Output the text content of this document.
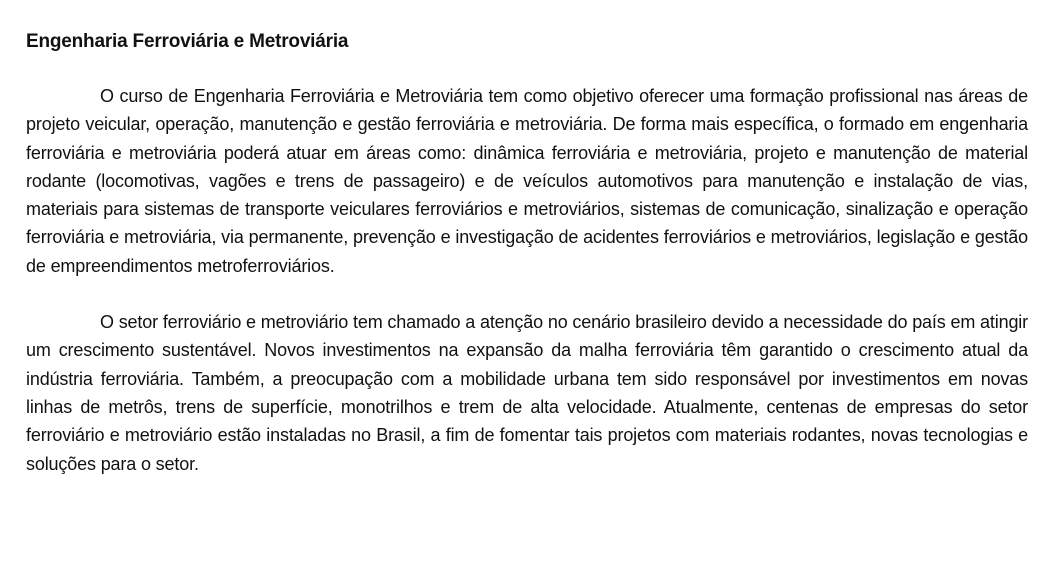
Engenharia Ferroviária e Metroviária

O curso de Engenharia Ferroviária e Metroviária tem como objetivo oferecer uma formação profissional nas áreas de projeto veicular, operação, manutenção e gestão ferroviária e metroviária. De forma mais específica, o formado em engenharia ferroviária e metroviária poderá atuar em áreas como: dinâmica ferroviária e metroviária, projeto e manutenção de material rodante (locomotivas, vagões e trens de passageiro) e de veículos automotivos para manutenção e instalação de vias, materiais para sistemas de transporte veiculares ferroviários e metroviários, sistemas de comunicação, sinalização e operação ferroviária e metroviária, via permanente, prevenção e investigação de acidentes ferroviários e metroviários, legislação e gestão de empreendimentos metroferroviários.

O setor ferroviário e metroviário tem chamado a atenção no cenário brasileiro devido a necessidade do país em atingir um crescimento sustentável. Novos investimentos na expansão da malha ferroviária têm garantido o crescimento atual da indústria ferroviária. Também, a preocupação com a mobilidade urbana tem sido responsável por investimentos em novas linhas de metrôs, trens de superfície, monotrilhos e trem de alta velocidade. Atualmente, centenas de empresas do setor ferroviário e metroviário estão instaladas no Brasil, a fim de fomentar tais projetos com materiais rodantes, novas tecnologias e soluções para o setor.
